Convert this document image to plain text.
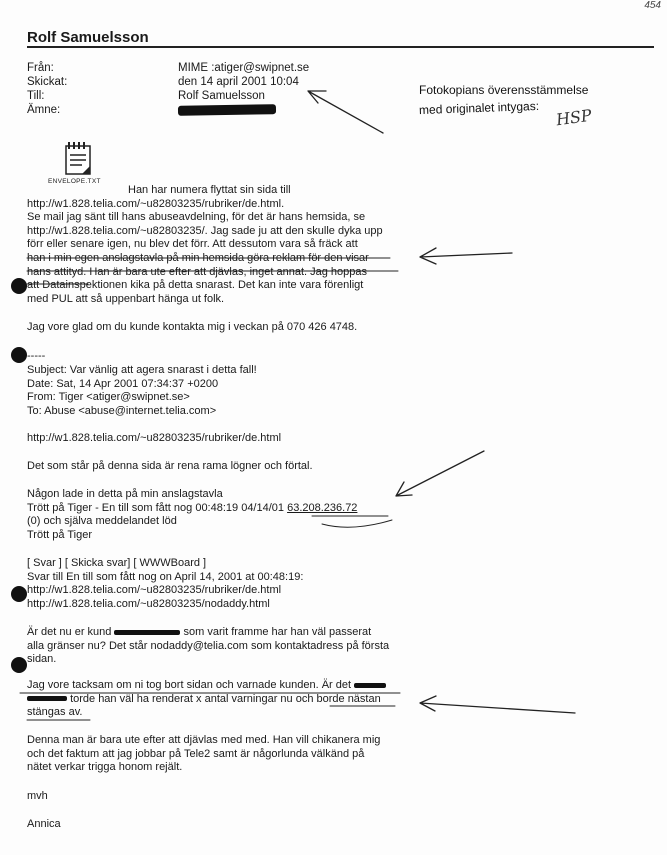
454
Rolf Samuelsson
Från:	MIME :atiger@swipnet.se
Skickat:	den 14 april 2001 10:04
Till:	Rolf Samuelsson
Ämne:
Fotokopians överensstämmelse
med originalet intygas: HSP
ENVELOPE.TXT
Han har numera flyttat sin sida till
http://w1.828.telia.com/~u82803235/rubriker/de.html.
Se mail jag sänt till hans abuseavdelning, för det är hans hemsida, se
http://w1.828.telia.com/~u82803235/. Jag sade ju att den skulle dyka upp
förr eller senare igen, nu blev det förr. Att dessutom vara så fräck att
han i min egen anslagstavla på min hemsida göra reklam för den visar
hans attityd. Han är bara ute efter att djävlas, inget annat. Jag hoppas
att Datainspektionen kika på detta snarast. Det kan inte vara förenligt
med PUL att så uppenbart hänga ut folk.
Jag vore glad om du kunde kontakta mig i veckan på 070 426 4748.
-----
Subject: Var vänlig att agera snarast i detta fall!
Date: Sat, 14 Apr 2001 07:34:37 +0200
From: Tiger <atiger@swipnet.se>
To: Abuse <abuse@internet.telia.com>
http://w1.828.telia.com/~u82803235/rubriker/de.html
Det som står på denna sida är rena rama lögner och förtal.
Någon lade in detta på min anslagstavla
Trött på Tiger - En till som fått nog 00:48:19 04/14/01 63.208.236.72
(0) och själva meddelandet löd
Trött på Tiger
[ Svar ] [ Skicka svar] [ WWWBoard ]
Svar till En till som fått nog on April 14, 2001 at 00:48:19:
http://w1.828.telia.com/~u82803235/rubriker/de.html
http://w1.828.telia.com/~u82803235/nodaddy.html
Är det nu er kund	som varit framme har han väl passerat
alla gränser nu? Det står nodaddy@telia.com som kontaktadress på första
sidan.
Jag vore tacksam om ni tog bort sidan och varnade kunden. Är det
torde han väl ha renderat x antal varningar nu och borde nästan
stängas av.
Denna man är bara ute efter att djävlas med med. Han vill chikanera mig
och det faktum att jag jobbar på Tele2 samt är någorlunda välkänd på
nätet verkar trigga honom rejält.
mvh
Annica
